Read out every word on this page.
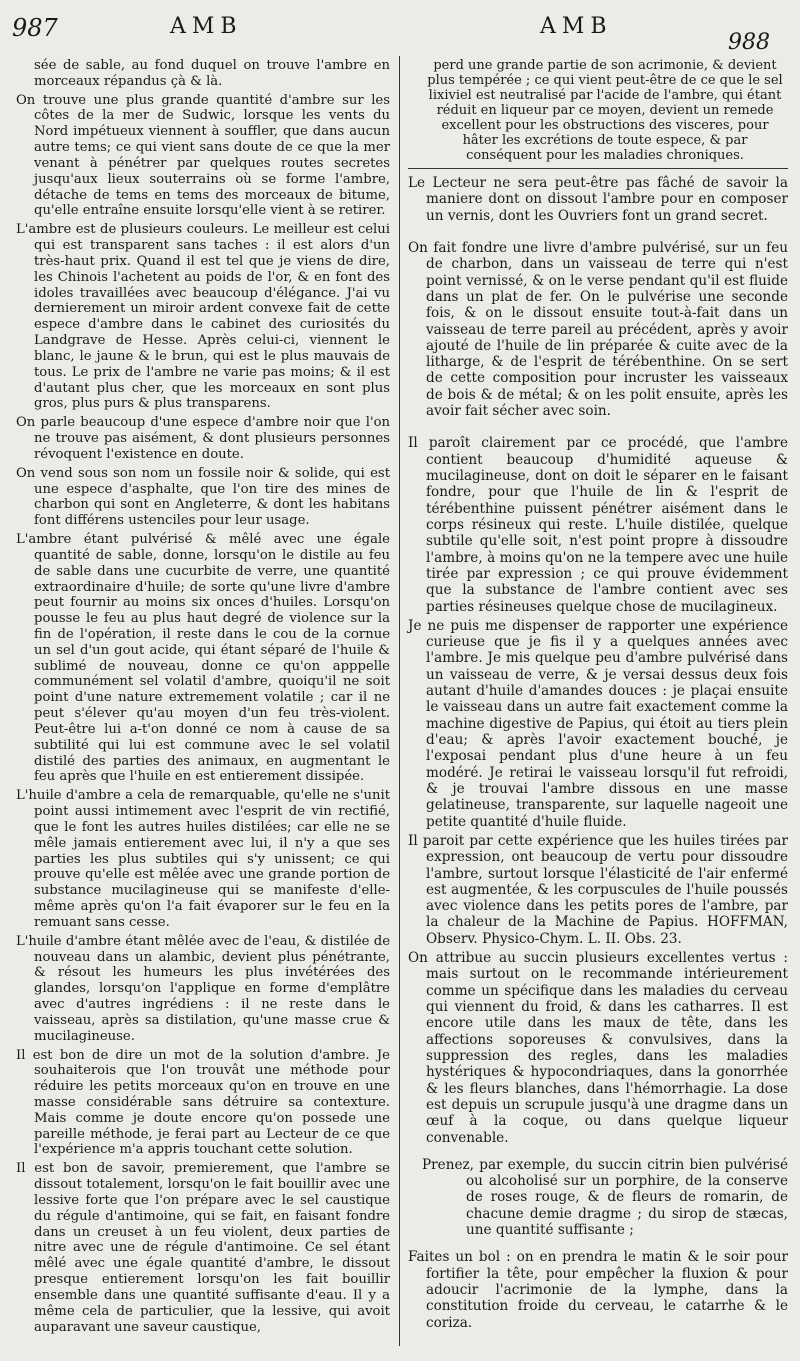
987	AMB	AMB
988

sée de sable, au fond duquel on trouve l'ambre en morceaux répandus çà & là.

On trouve une plus grande quantité d'ambre sur les côtes de la mer de Sudwic, lorsque les vents du Nord impétueux viennent à souffler, que dans aucun autre tems; ce qui vient sans doute de ce que la mer venant à pénétrer par quelques routes secretes jusqu'aux lieux souterrains où se forme l'ambre, détache de tems en tems des morceaux de bitume, qu'elle entraîne ensuite lorsqu'elle vient à se retirer.

L'ambre est de plusieurs couleurs. Le meilleur est celui qui est transparent sans taches : il est alors d'un très-haut prix. Quand il est tel que je viens de dire, les Chinois l'achetent au poids de l'or, & en font des idoles travaillées avec beaucoup d'élégance. J'ai vu dernierement un miroir ardent convexe fait de cette espece d'ambre dans le cabinet des curiosités du Landgrave de Hesse. Après celui-ci, viennent le blanc, le jaune & le brun, qui est le plus mauvais de tous. Le prix de l'ambre ne varie pas moins; & il est d'autant plus cher, que les morceaux en sont plus gros, plus purs & plus transparens.

On parle beaucoup d'une espece d'ambre noir que l'on ne trouve pas aisément, & dont plusieurs personnes révoquent l'existence en doute.

On vend sous son nom un fossile noir & solide, qui est une espece d'asphalte, que l'on tire des mines de charbon qui sont en Angleterre, & dont les habitans font différens ustenciles pour leur usage.

L'ambre étant pulvérisé & mêlé avec une égale quantité de sable, donne, lorsqu'on le distile au feu de sable dans une cucurbite de verre, une quantité extraordinaire d'huile; de sorte qu'une livre d'ambre peut fournir au moins six onces d'huiles. Lorsqu'on pousse le feu au plus haut degré de violence sur la fin de l'opération, il reste dans le cou de la cornue un sel d'un gout acide, qui étant séparé de l'huile & sublimé de nouveau, donne ce qu'on apppelle communément sel volatil d'ambre, quoiqu'il ne soit point d'une nature extremement volatile ; car il ne peut s'élever qu'au moyen d'un feu très-violent. Peut-être lui a-t'on donné ce nom à cause de sa subtilité qui lui est commune avec le sel volatil distilé des parties des animaux, en augmentant le feu après que l'huile en est entierement dissipée.

L'huile d'ambre a cela de remarquable, qu'elle ne s'unit point aussi intimement avec l'esprit de vin rectifié, que le font les autres huiles distilées; car elle ne se mêle jamais entierement avec lui, il n'y a que ses parties les plus subtiles qui s'y unissent; ce qui prouve qu'elle est mêlée avec une grande portion de substance mucilagineuse qui se manifeste d'elle-même après qu'on l'a fait évaporer sur le feu en la remuant sans cesse.

L'huile d'ambre étant mêlée avec de l'eau, & distilée de nouveau dans un alambic, devient plus pénétrante, & résout les humeurs les plus invétérées des glandes, lorsqu'on l'applique en forme d'emplâtre avec d'autres ingrédiens : il ne reste dans le vaisseau, après sa distilation, qu'une masse crue & mucilagineuse.

Il est bon de dire un mot de la solution d'ambre. Je souhaiterois que l'on trouvât une méthode pour réduire les petits morceaux qu'on en trouve en une masse considérable sans détruire sa contexture. Mais comme je doute encore qu'on possede une pareille méthode, je ferai part au Lecteur de ce que l'expérience m'a appris touchant cette solution.

Il est bon de savoir, premierement, que l'ambre se dissout totalement, lorsqu'on le fait bouillir avec une lessive forte que l'on prépare avec le sel caustique du régule d'antimoine, qui se fait, en faisant fondre dans un creuset à un feu violent, deux parties de nitre avec une de régule d'antimoine. Ce sel étant mêlé avec une égale quantité d'ambre, le dissout presque entierement lorsqu'on les fait bouillir ensemble dans une quantité suffisante d'eau. Il y a même cela de particulier, que la lessive, qui avoit auparavant une saveur caustique,

perd une grande partie de son acrimonie, & devient plus tempérée ; ce qui vient peut-être de ce que le sel lixiviel est neutralisé par l'acide de l'ambre, qui étant réduit en liqueur par ce moyen, devient un remede excellent pour les obstructions des visceres, pour hâter les excrétions de toute espece, & par conséquent pour les maladies chroniques.

Le Lecteur ne sera peut-être pas fâché de savoir la maniere dont on dissout l'ambre pour en composer un vernis, dont les Ouvriers font un grand secret.

On fait fondre une livre d'ambre pulvérisé, sur un feu de charbon, dans un vaisseau de terre qui n'est point vernissé, & on le verse pendant qu'il est fluide dans un plat de fer. On le pulvérise une seconde fois, & on le dissout ensuite tout-à-fait dans un vaisseau de terre pareil au précédent, après y avoir ajouté de l'huile de lin préparée & cuite avec de la litharge, & de l'esprit de térébenthine. On se sert de cette composition pour incruster les vaisseaux de bois & de métal; & on les polit ensuite, après les avoir fait sécher avec soin.

Il paroît clairement par ce procédé, que l'ambre contient beaucoup d'humidité aqueuse & mucilagineuse, dont on doit le séparer en le faisant fondre, pour que l'huile de lin & l'esprit de térébenthine puissent pénétrer aisément dans le corps résineux qui reste. L'huile distilée, quelque subtile qu'elle soit, n'est point propre à dissoudre l'ambre, à moins qu'on ne la tempere avec une huile tirée par expression ; ce qui prouve évidemment que la substance de l'ambre contient avec ses parties résineuses quelque chose de mucilagineux.

Je ne puis me dispenser de rapporter une expérience curieuse que je fis il y a quelques années avec l'ambre. Je mis quelque peu d'ambre pulvérisé dans un vaisseau de verre, & je versai dessus deux fois autant d'huile d'amandes douces : je plaçai ensuite le vaisseau dans un autre fait exactement comme la machine digestive de Papius, qui étoit au tiers plein d'eau; & après l'avoir exactement bouché, je l'exposai pendant plus d'une heure à un feu modéré. Je retirai le vaisseau lorsqu'il fut refroidi, & je trouvai l'ambre dissous en une masse gelatineuse, transparente, sur laquelle nageoit une petite quantité d'huile fluide.

Il paroit par cette expérience que les huiles tirées par expression, ont beaucoup de vertu pour dissoudre l'ambre, surtout lorsque l'élasticité de l'air enfermé est augmentée, & les corpuscules de l'huile poussés avec violence dans les petits pores de l'ambre, par la chaleur de la Machine de Papius. HOFFMAN, Observ. Physico-Chym. L. II. Obs. 23.

On attribue au succin plusieurs excellentes vertus : mais surtout on le recommande intérieurement comme un spécifique dans les maladies du cerveau qui viennent du froid, & dans les catharres. Il est encore utile dans les maux de tête, dans les affections soporeuses & convulsives, dans la suppression des regles, dans les maladies hystériques & hypocondriaques, dans la gonorrhée & les fleurs blanches, dans l'hémorrhagie. La dose est depuis un scrupule jusqu'à une dragme dans un œuf à la coque, ou dans quelque liqueur convenable.

Prenez, par exemple, du succin citrin bien pulvérisé ou alcoholisé sur un porphire, de la conserve de roses rouge, & de fleurs de romarin, de chacune demie dragme ; du sirop de stæcas, une quantité suffisante ;

Faites un bol : on en prendra le matin & le soir pour fortifier la tête, pour empêcher la fluxion & pour adoucir l'acrimonie de la lymphe, dans la constitution froide du cerveau, le catarrhe & le coriza.
